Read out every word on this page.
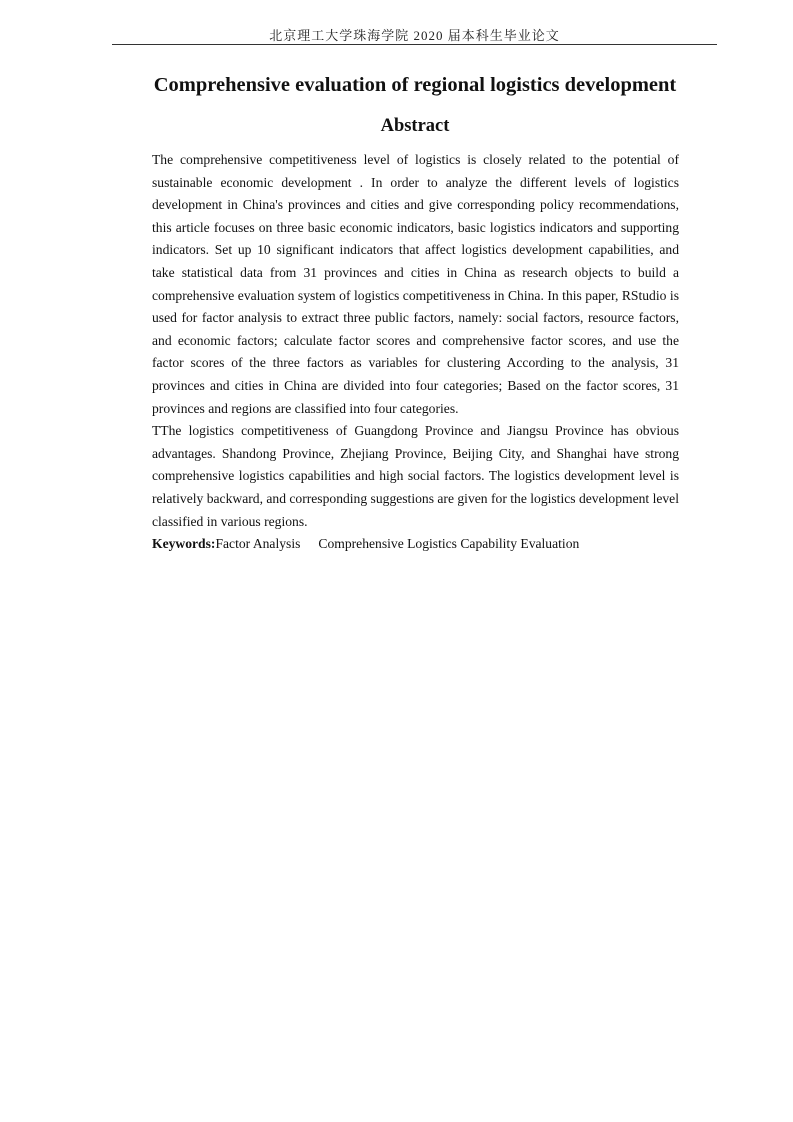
北京理工大学珠海学院 2020 届本科生毕业论文
Comprehensive evaluation of regional logistics development
Abstract

The comprehensive competitiveness level of logistics is closely related to the potential of sustainable economic development . In order to analyze the different levels of logistics development in China's provinces and cities and give corresponding policy recommendations, this article focuses on three basic economic indicators, basic logistics indicators and supporting indicators. Set up 10 significant indicators that affect logistics development capabilities, and take statistical data from 31 provinces and cities in China as research objects to build a comprehensive evaluation system of logistics competitiveness in China. In this paper, RStudio is used for factor analysis to extract three public factors, namely: social factors, resource factors, and economic factors; calculate factor scores and comprehensive factor scores, and use the factor scores of the three factors as variables for clustering According to the analysis, 31 provinces and cities in China are divided into four categories; Based on the factor scores, 31 provinces and regions are classified into four categories.

TThe logistics competitiveness of Guangdong Province and Jiangsu Province has obvious advantages. Shandong Province, Zhejiang Province, Beijing City, and Shanghai have strong comprehensive logistics capabilities and high social factors. The logistics development level is relatively backward, and corresponding suggestions are given for the logistics development level classified in various regions.

Keywords:Factor Analysis Comprehensive Logistics Capability Evaluation
